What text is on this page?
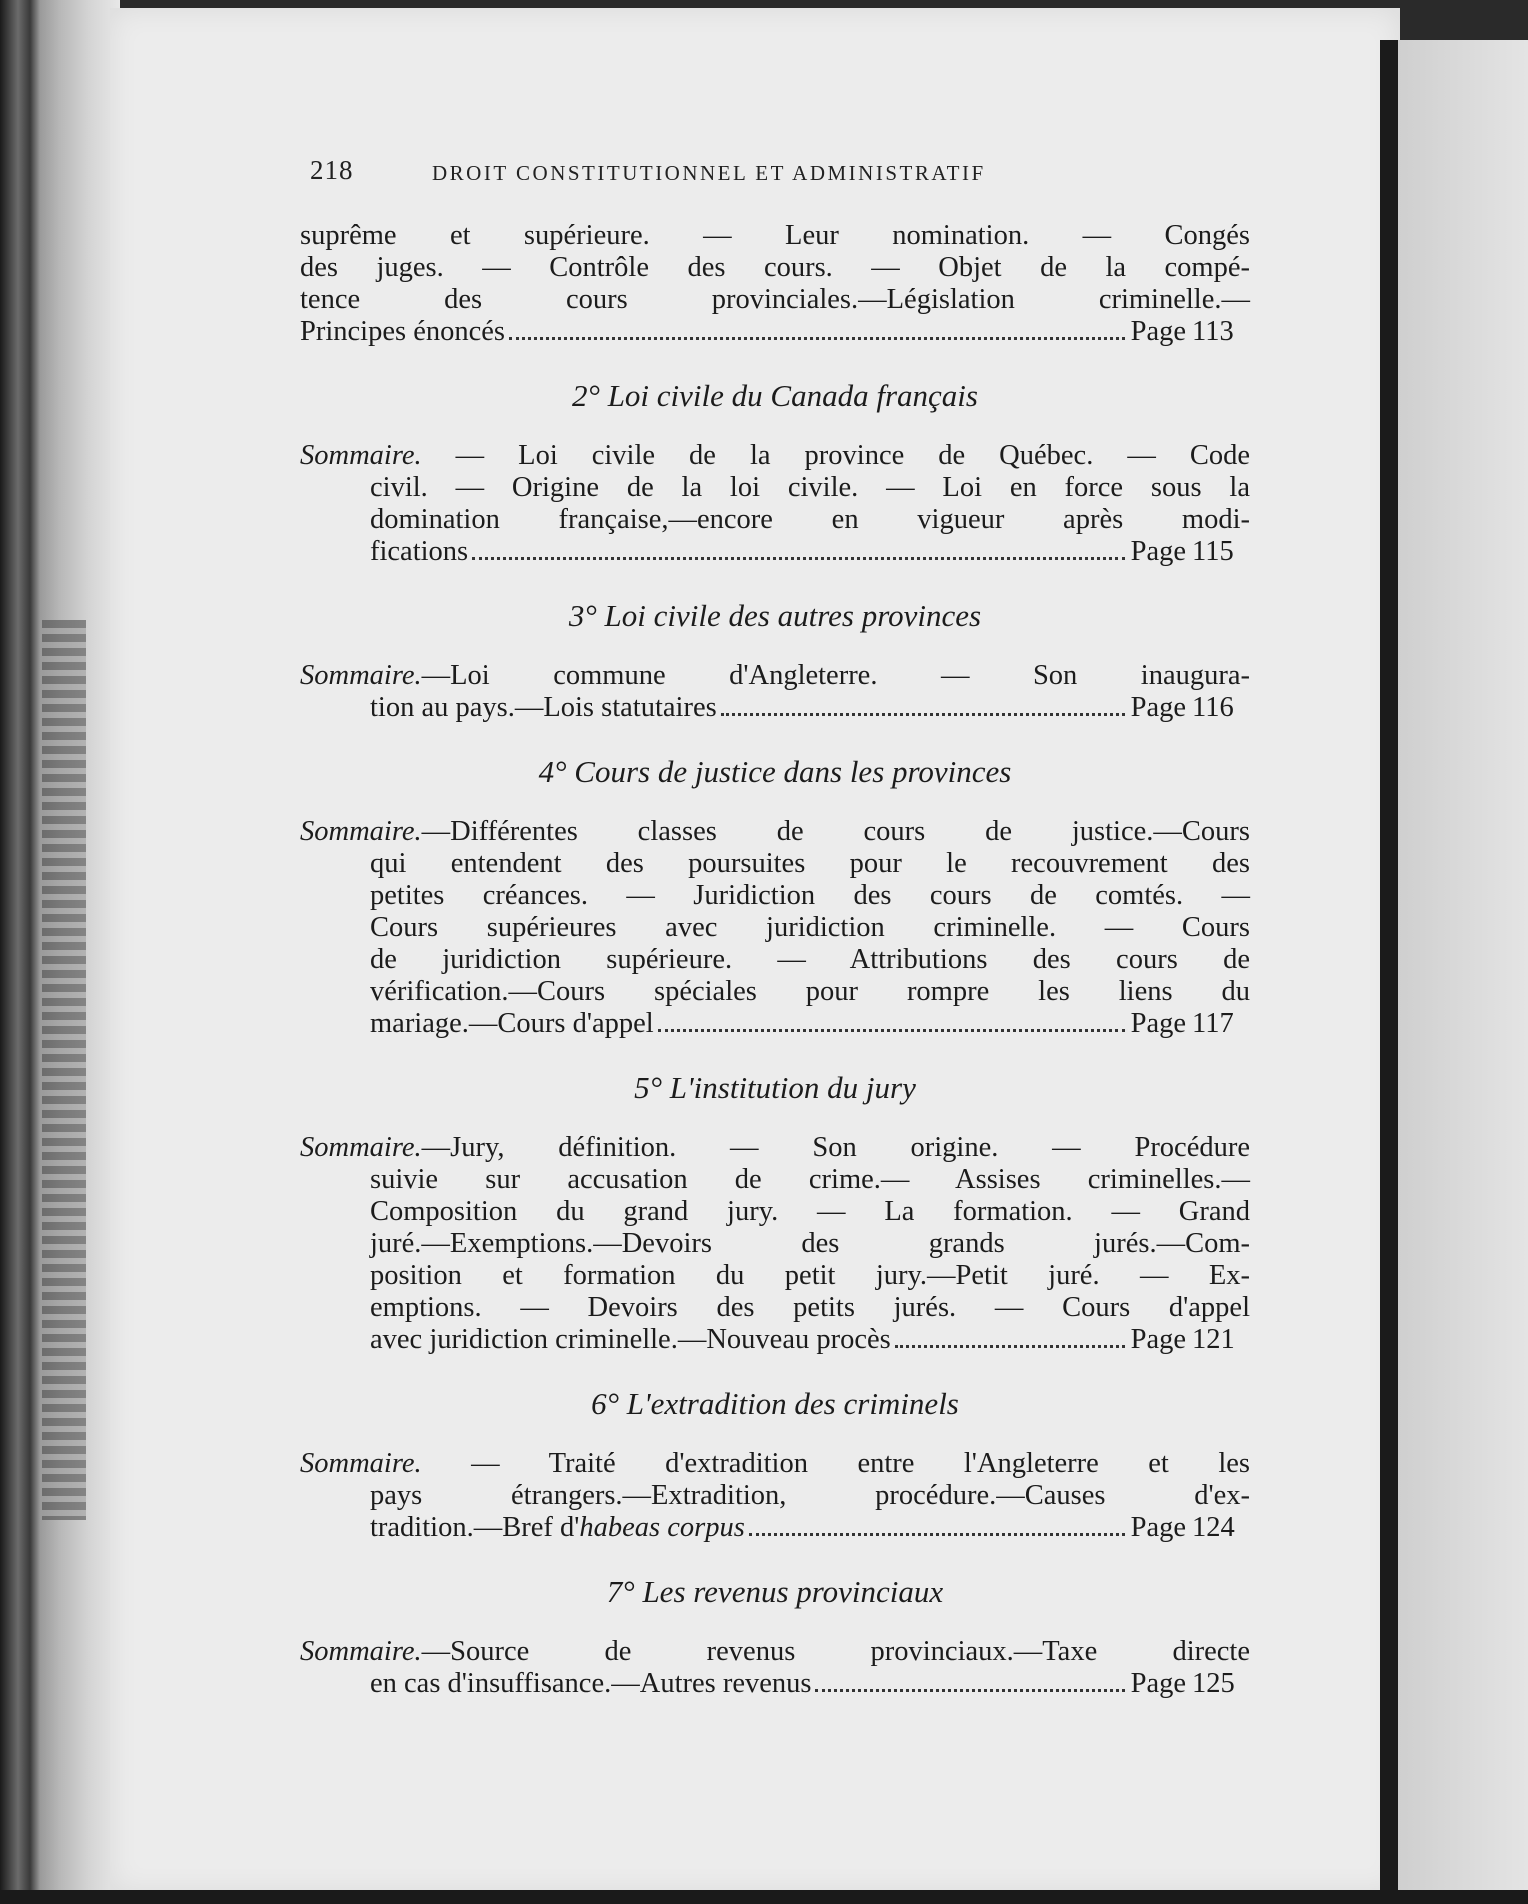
218	DROIT CONSTITUTIONNEL ET ADMINISTRATIF
suprême et supérieure. — Leur nomination. — Congés
des juges. — Contrôle des cours. — Objet de la compé-
tence des cours provinciales.—Législation criminelle.—
Principes énoncés	Page 113
2° Loi civile du Canada français
Sommaire. — Loi civile de la province de Québec. — Code
civil. — Origine de la loi civile. — Loi en force sous la
domination française,—encore en vigueur après modi-
fications	Page 115
3° Loi civile des autres provinces
Sommaire.—Loi commune d'Angleterre. — Son inaugura-
tion au pays.—Lois statutaires	Page 116
4° Cours de justice dans les provinces
Sommaire.—Différentes classes de cours de justice.—Cours
qui entendent des poursuites pour le recouvrement des
petites créances. — Juridiction des cours de comtés. —
Cours supérieures avec juridiction criminelle. — Cours
de juridiction supérieure. — Attributions des cours de
vérification.—Cours spéciales pour rompre les liens du
mariage.—Cours d'appel	Page 117
5° L'institution du jury
Sommaire.—Jury, définition. — Son origine. — Procédure
suivie sur accusation de crime.— Assises criminelles.—
Composition du grand jury. — La formation. — Grand
juré.—Exemptions.—Devoirs des grands jurés.—Com-
position et formation du petit jury.—Petit juré. — Ex-
emptions. — Devoirs des petits jurés. — Cours d'appel
avec juridiction criminelle.—Nouveau procès	Page 121
6° L'extradition des criminels
Sommaire. — Traité d'extradition entre l'Angleterre et les
pays étrangers.—Extradition, procédure.—Causes d'ex-
tradition.—Bref d'habeas corpus	Page 124
7° Les revenus provinciaux
Sommaire.—Source de revenus provinciaux.—Taxe directe
en cas d'insuffisance.—Autres revenus	Page 125
